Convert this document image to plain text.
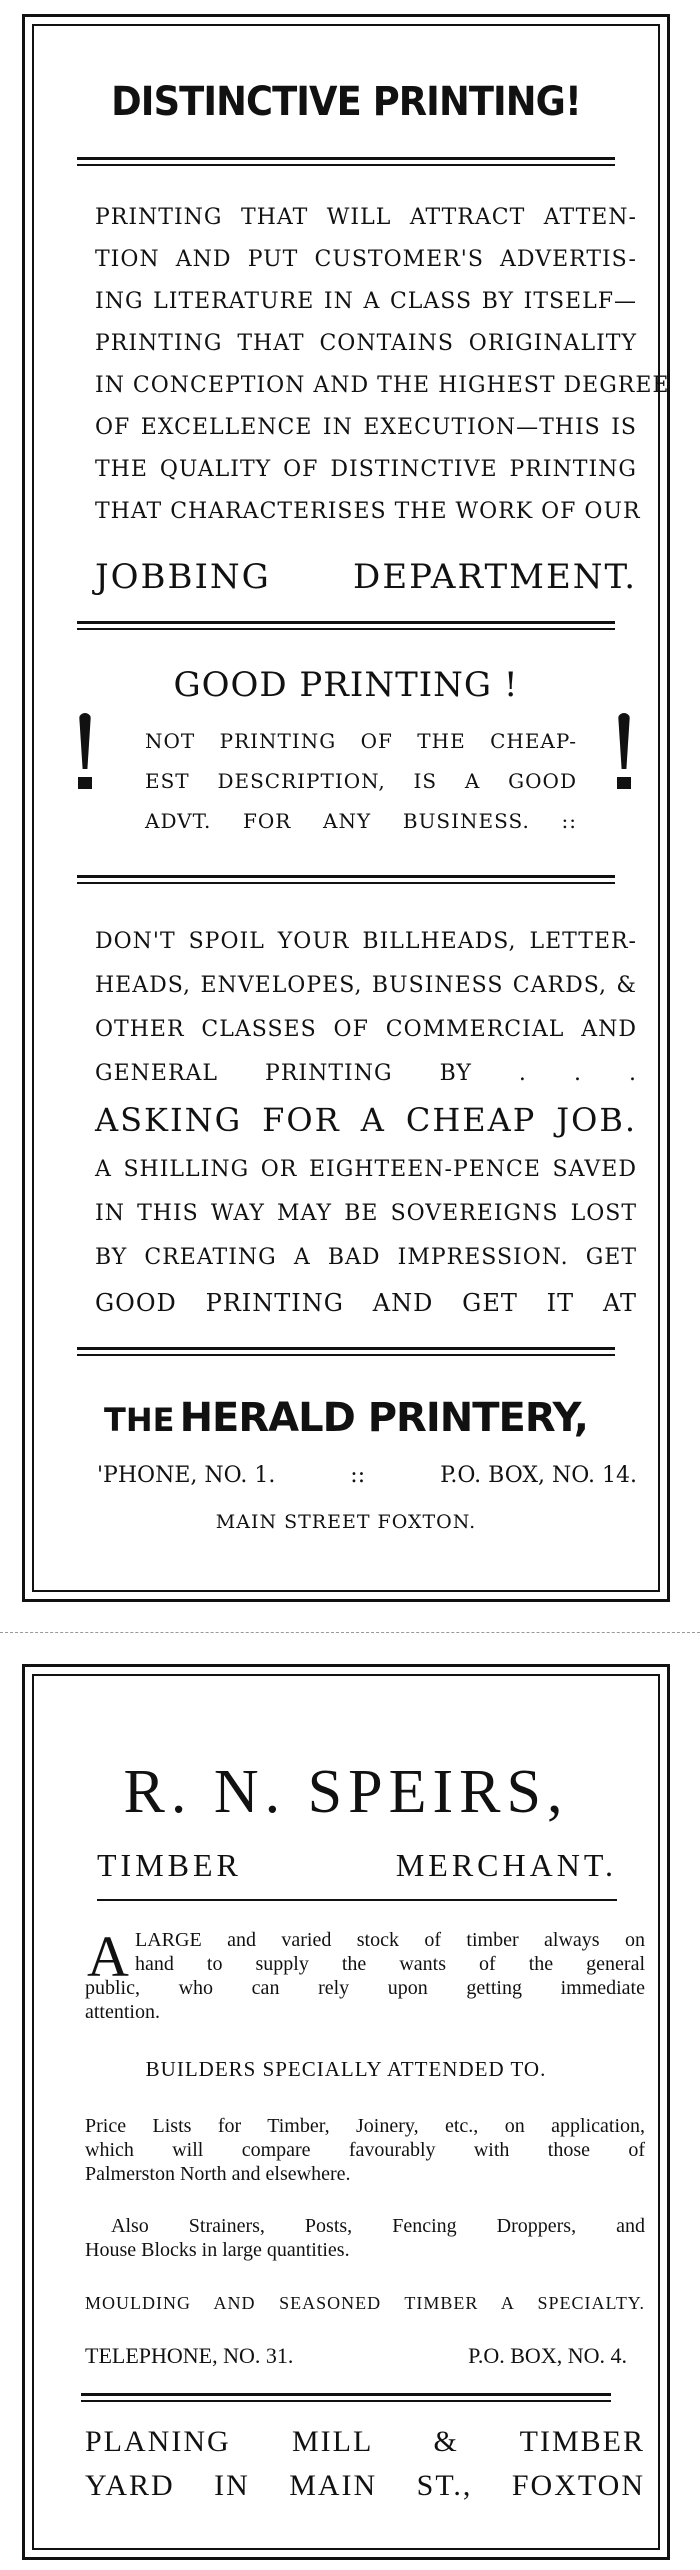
DISTINCTIVE PRINTING!
PRINTING THAT WILL ATTRACT ATTEN-
TION AND PUT CUSTOMER'S ADVERTIS-
ING LITERATURE IN A CLASS BY ITSELF—
PRINTING THAT CONTAINS ORIGINALITY
IN CONCEPTION AND THE HIGHEST DEGREE
OF EXCELLENCE IN EXECUTION—THIS IS
THE QUALITY OF DISTINCTIVE PRINTING
THAT CHARACTERISES THE WORK OF OUR
JOBBING DEPARTMENT.
GOOD PRINTING !
NOT PRINTING OF THE CHEAP-
EST DESCRIPTION, IS A GOOD
ADVT. FOR ANY BUSINESS. ::
DON'T SPOIL YOUR BILLHEADS, LETTER-
HEADS, ENVELOPES, BUSINESS CARDS, &
OTHER CLASSES OF COMMERCIAL AND
GENERAL PRINTING BY . . .
ASKING FOR A CHEAP JOB.
A SHILLING OR EIGHTEEN-PENCE SAVED
IN THIS WAY MAY BE SOVEREIGNS LOST
BY CREATING A BAD IMPRESSION. GET
GOOD PRINTING AND GET IT AT
THE HERALD PRINTERY,
'PHONE, NO. 1.	::	P.O. BOX, NO. 14.
MAIN STREET FOXTON.
R. N. SPEIRS,
TIMBER MERCHANT.
A LARGE and varied stock of timber always on
hand to supply the wants of the general
public, who can rely upon getting immediate
attention.
BUILDERS SPECIALLY ATTENDED TO.
Price Lists for Timber, Joinery, etc., on application,
which will compare favourably with those of
Palmerston North and elsewhere.
Also Strainers, Posts, Fencing Droppers, and
House Blocks in large quantities.
MOULDING AND SEASONED TIMBER A SPECIALTY.
TELEPHONE, NO. 31.	P.O. BOX, NO. 4.
PLANING MILL & TIMBER
YARD IN MAIN ST., FOXTON
